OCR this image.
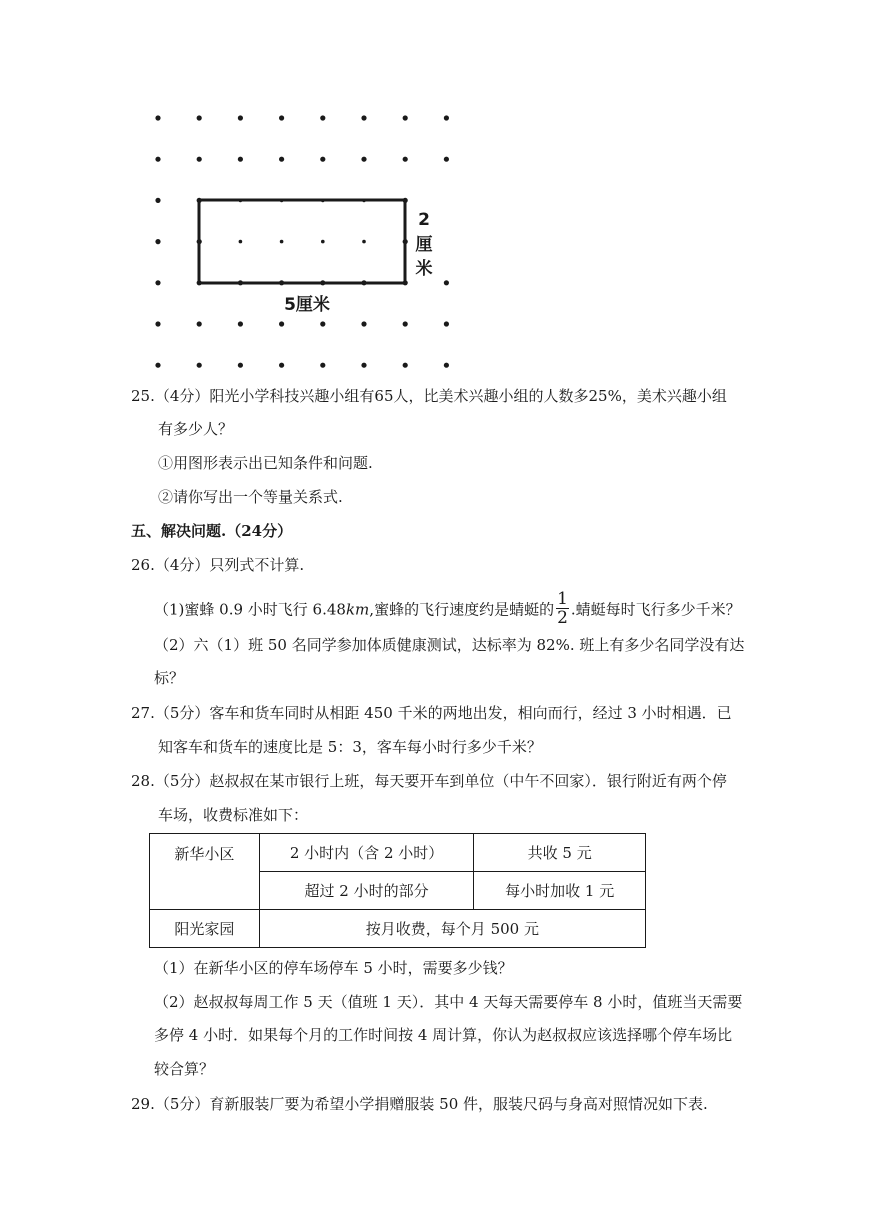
2
厘
米
5厘米
25.（4分）阳光小学科技兴趣小组有65人，比美术兴趣小组的人数多25%，美术兴趣小组
有多少人？
①用图形表示出已知条件和问题.
②请你写出一个等量关系式.
五、解决问题.（24分）
26.（4分）只列式不计算.
（1)蜜蜂 0.9 小时飞行 6.48km,蜜蜂的飞行速度约是蜻蜓的 $\frac{1}{2}$ .蜻蜓每时飞行多少千米？
（2）六（1）班 50 名同学参加体质健康测试，达标率为 82%. 班上有多少名同学没有达
标？
27.（5分）客车和货车同时从相距 450 千米的两地出发，相向而行，经过 3 小时相遇．已
知客车和货车的速度比是 5：3，客车每小时行多少千米？
28.（5分）赵叔叔在某市银行上班，每天要开车到单位（中午不回家）．银行附近有两个停
车场，收费标准如下：
新华小区	2 小时内（含 2 小时）	共收 5 元
	超过 2 小时的部分	每小时加收 1 元
阳光家园	按月收费，每个月 500 元	
（1）在新华小区的停车场停车 5 小时，需要多少钱？
（2）赵叔叔每周工作 5 天（值班 1 天）．其中 4 天每天需要停车 8 小时，值班当天需要
多停 4 小时．如果每个月的工作时间按 4 周计算，你认为赵叔叔应该选择哪个停车场比
较合算？
29.（5分）育新服装厂要为希望小学捐赠服装 50 件，服装尺码与身高对照情况如下表.
